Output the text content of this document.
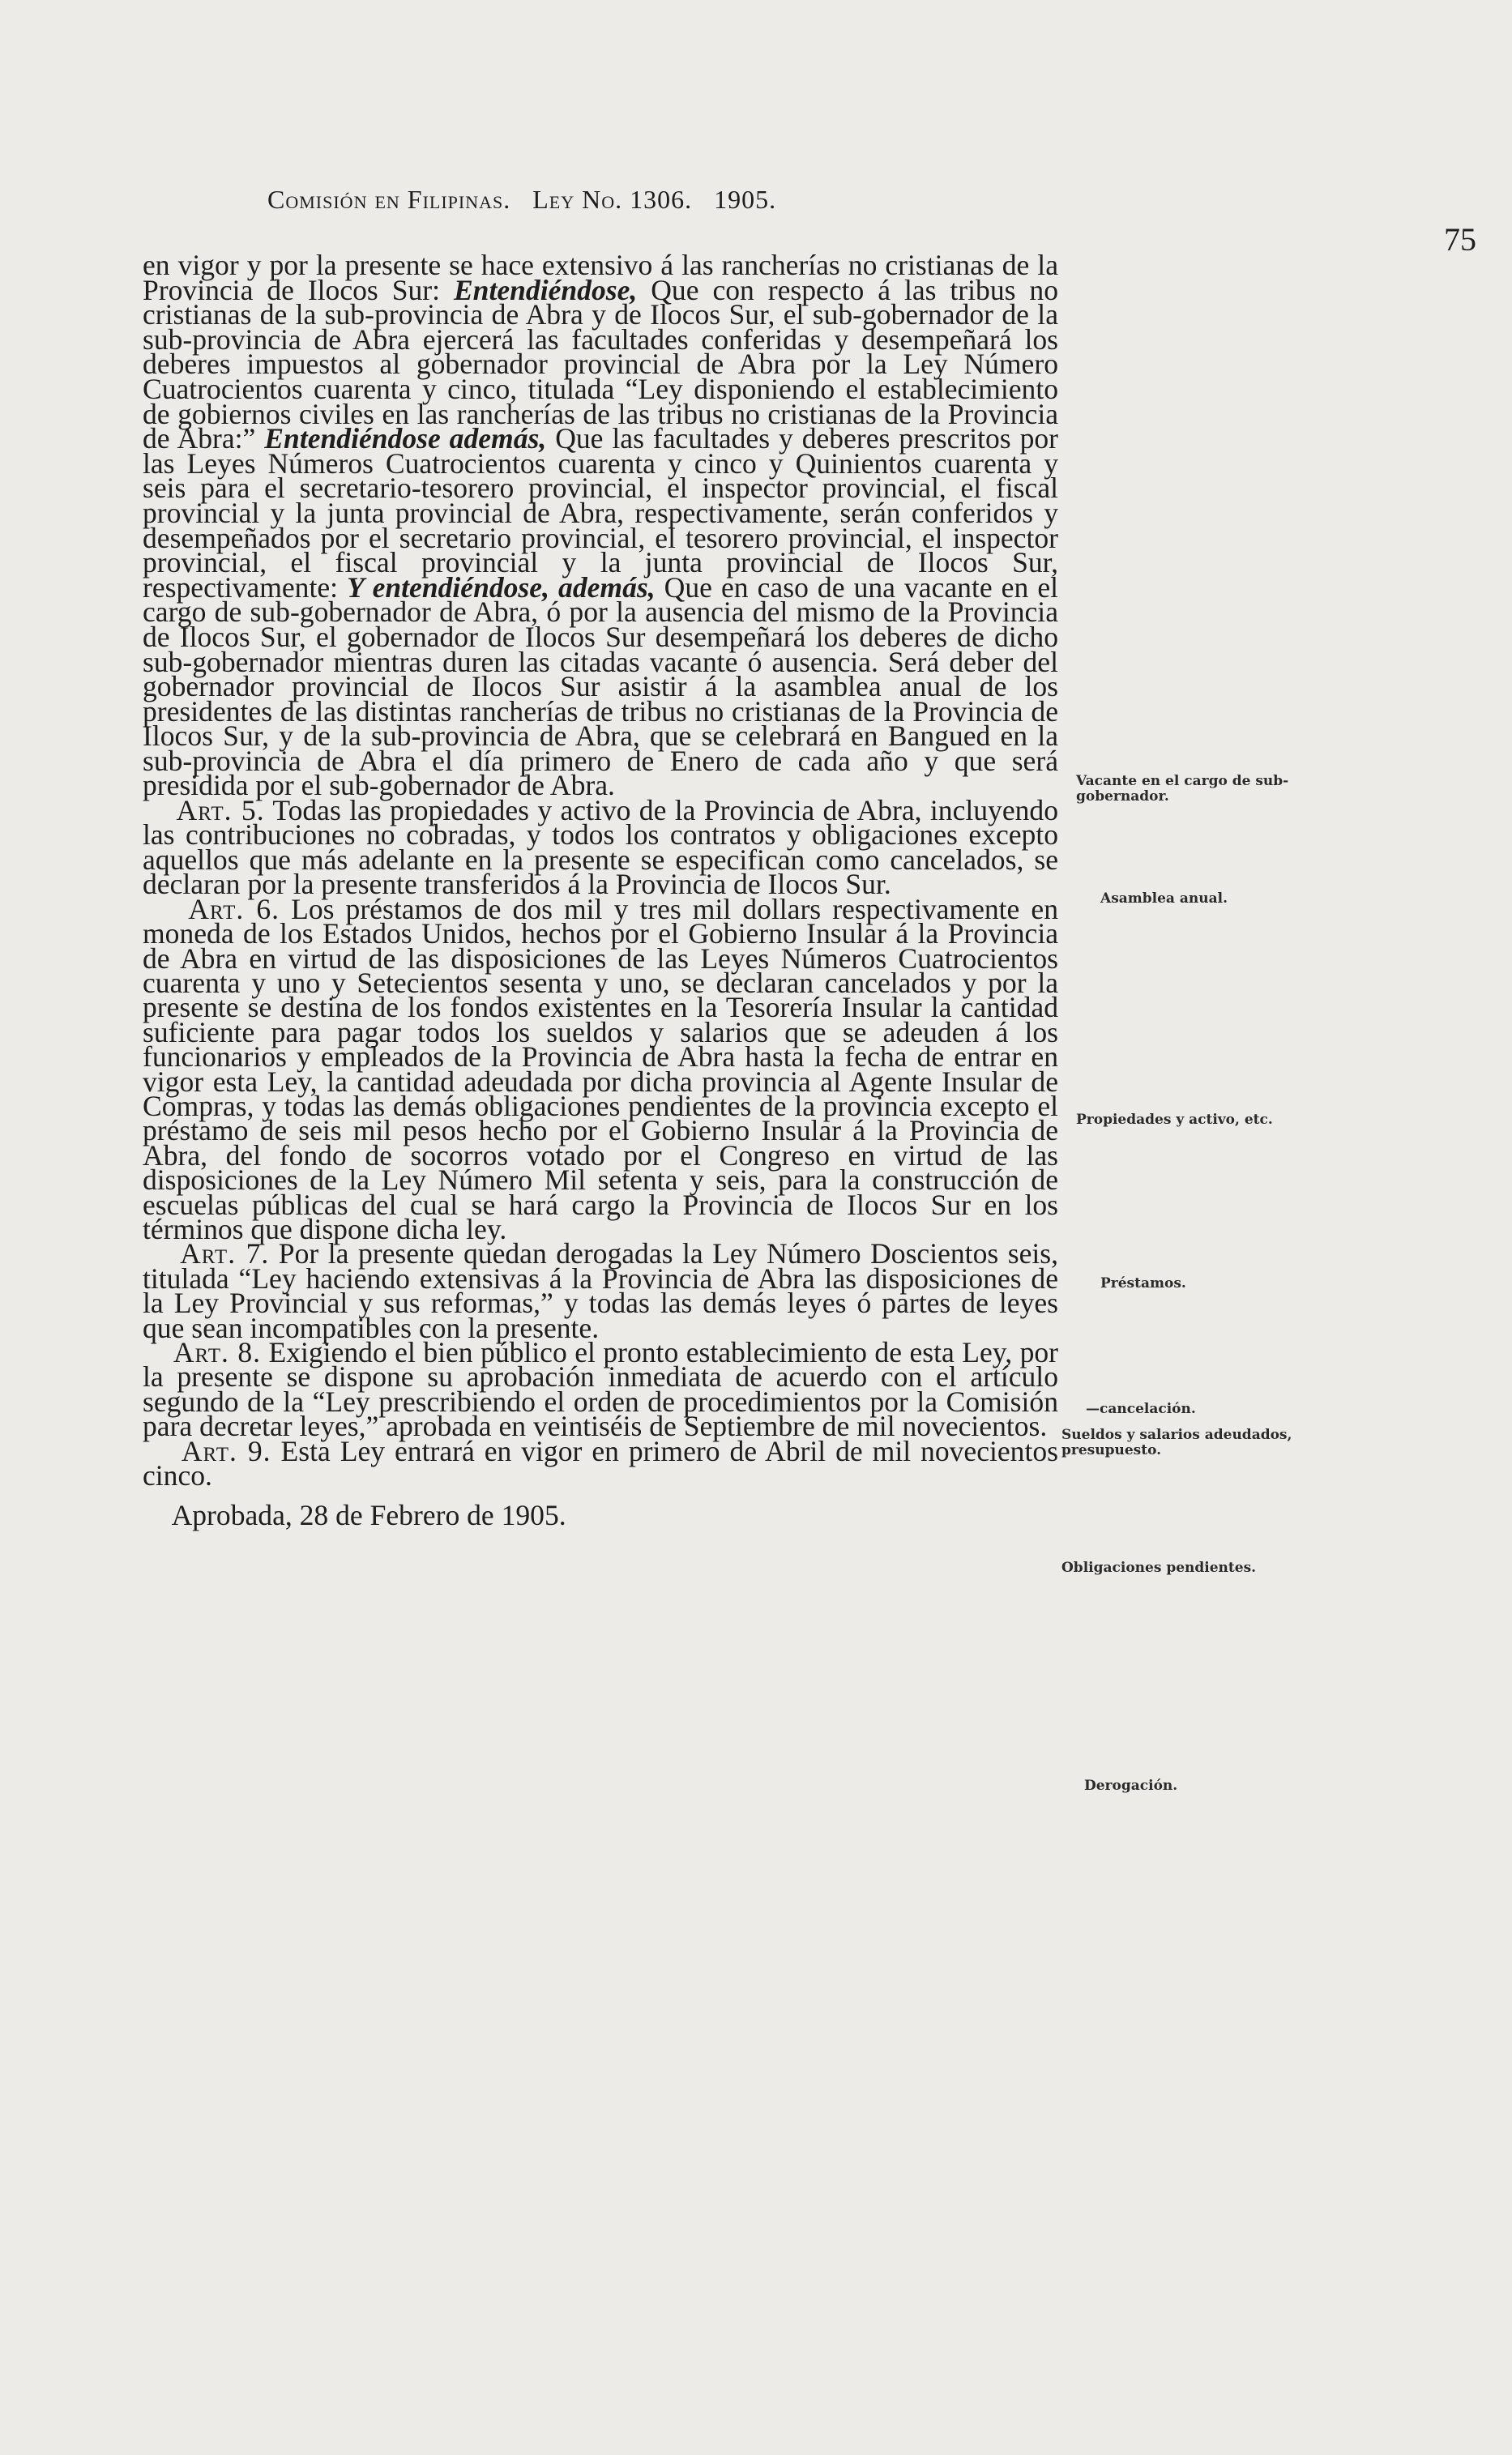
Comisión en Filipinas. Ley No. 1306. 1905.
75

en vigor y por la presente se hace extensivo á las rancherías no cristianas de la Provincia de Ilocos Sur: Entendiéndose, Que con respecto á las tribus no cristianas de la sub-provincia de Abra y de Ilocos Sur, el sub-gobernador de la sub-provincia de Abra ejercerá las facultades conferidas y desempeñará los deberes impuestos al gobernador provincial de Abra por la Ley Número Cuatrocientos cuarenta y cinco, titulada “Ley disponiendo el establecimiento de gobiernos civiles en las rancherías de las tribus no cristianas de la Provincia de Abra:” Entendiéndose además, Que las facultades y deberes prescritos por las Leyes Números Cuatrocientos cuarenta y cinco y Quinientos cuarenta y seis para el secretario-tesorero provincial, el inspector provincial, el fiscal provincial y la junta provincial de Abra, respectivamente, serán conferidos y desempeñados por el secretario provincial, el tesorero provincial, el inspector provincial, el fiscal provincial y la junta provincial de Ilocos Sur, respectivamente: Y entendiéndose, además, Que en caso de una vacante en el cargo de sub-gobernador de Abra, ó por la ausencia del mismo de la Provincia de Ilocos Sur, el gobernador de Ilocos Sur desempeñará los deberes de dicho sub-gobernador mientras duren las citadas vacante ó ausencia. Será deber del gobernador provincial de Ilocos Sur asistir á la asamblea anual de los presidentes de las distintas rancherías de tribus no cristianas de la Provincia de Ilocos Sur, y de la sub-provincia de Abra, que se celebrará en Bangued en la sub-provincia de Abra el día primero de Enero de cada año y que será presidida por el sub-gobernador de Abra.

Art. 5. Todas las propiedades y activo de la Provincia de Abra, incluyendo las contribuciones no cobradas, y todos los contratos y obligaciones excepto aquellos que más adelante en la presente se especifican como cancelados, se declaran por la presente transferidos á la Provincia de Ilocos Sur.

Art. 6. Los préstamos de dos mil y tres mil dollars respectivamente en moneda de los Estados Unidos, hechos por el Gobierno Insular á la Provincia de Abra en virtud de las disposiciones de las Leyes Números Cuatrocientos cuarenta y uno y Setecientos sesenta y uno, se declaran cancelados y por la presente se destina de los fondos existentes en la Tesorería Insular la cantidad suficiente para pagar todos los sueldos y salarios que se adeuden á los funcionarios y empleados de la Provincia de Abra hasta la fecha de entrar en vigor esta Ley, la cantidad adeudada por dicha provincia al Agente Insular de Compras, y todas las demás obligaciones pendientes de la provincia excepto el préstamo de seis mil pesos hecho por el Gobierno Insular á la Provincia de Abra, del fondo de socorros votado por el Congreso en virtud de las disposiciones de la Ley Número Mil setenta y seis, para la construcción de escuelas públicas del cual se hará cargo la Provincia de Ilocos Sur en los términos que dispone dicha ley.

Art. 7. Por la presente quedan derogadas la Ley Número Doscientos seis, titulada “Ley haciendo extensivas á la Provincia de Abra las disposiciones de la Ley Provincial y sus reformas,” y todas las demás leyes ó partes de leyes que sean incompatibles con la presente.

Art. 8. Exigiendo el bien público el pronto establecimiento de esta Ley, por la presente se dispone su aprobación inmediata de acuerdo con el artículo segundo de la “Ley prescribiendo el orden de procedimientos por la Comisión para decretar leyes,” aprobada en veintiséis de Septiembre de mil novecientos.

Art. 9. Esta Ley entrará en vigor en primero de Abril de mil novecientos cinco.

Aprobada, 28 de Febrero de 1905.

Vacante en el cargo de sub-gobernador.
Asamblea anual.
Propiedades y activo, etc.
Préstamos.
—cancelación.
Sueldos y salarios adeudados, presupuesto.
Obligaciones pendientes.
Derogación.
